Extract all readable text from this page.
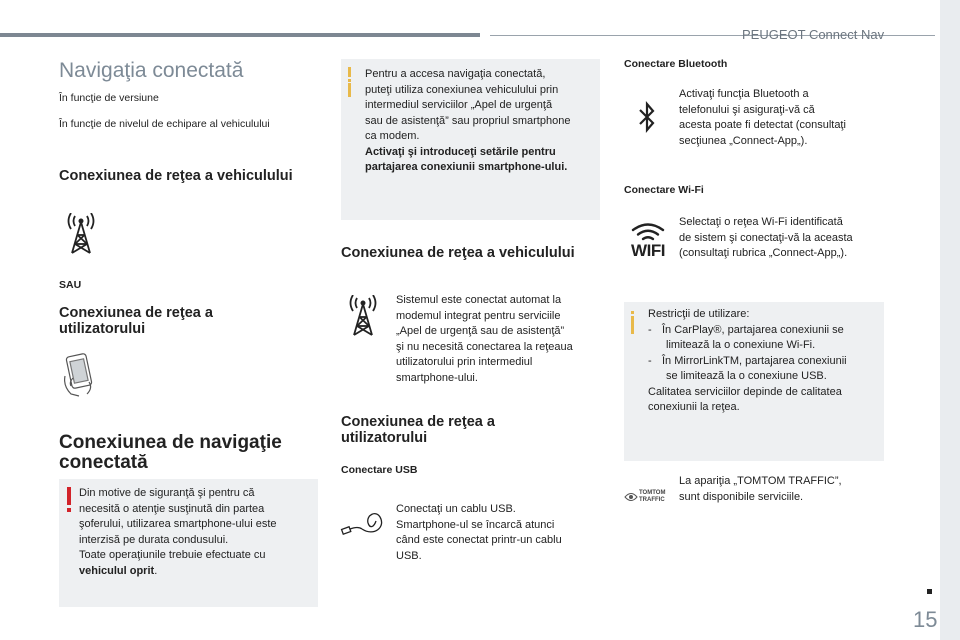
PEUGEOT Connect Nav
Navigaţia conectată
În funcţie de versiune
În funcţie de nivelul de echipare al vehiculului
Conexiunea de reţea a vehiculului
SAU
Conexiunea de reţea a utilizatorului
Conexiunea de navigaţie conectată
Din motive de siguranţă şi pentru că
necesită o atenţie susţinută din partea
şoferului, utilizarea smartphone-ului este
interzisă pe durata condusului.
Toate operaţiunile trebuie efectuate cu
vehiculul oprit.
Pentru a accesa navigaţia conectată,
puteţi utiliza conexiunea vehiculului prin
intermediul serviciilor „Apel de urgenţă
sau de asistenţă” sau propriul smartphone
ca modem.
Activaţi şi introduceţi setările pentru
partajarea conexiunii smartphone-ului.
Conexiunea de reţea a vehiculului
Sistemul este conectat automat la
modemul integrat pentru serviciile
„Apel de urgenţă sau de asistenţă”
şi nu necesită conectarea la reţeaua
utilizatorului prin intermediul
smartphone-ului.
Conexiunea de reţea a utilizatorului
Conectare USB
Conectaţi un cablu USB.
Smartphone-ul se încarcă atunci
când este conectat printr-un cablu
USB.
Conectare Bluetooth
Activaţi funcţia Bluetooth a
telefonului şi asiguraţi-vă că
acesta poate fi detectat (consultaţi
secţiunea „Connect-App„).
Conectare Wi-Fi
WIFI
Selectaţi o reţea Wi-Fi identificată
de sistem şi conectaţi-vă la aceasta
(consultaţi rubrica „Connect-App„).
Restricţii de utilizare:
- În CarPlay®, partajarea conexiunii se
limitează la o conexiune Wi-Fi.
- În MirrorLinkTM, partajarea conexiunii
se limitează la o conexiune USB.
Calitatea serviciilor depinde de calitatea
conexiunii la reţea.
TOMTOM
TRAFFIC
La apariţia „TOMTOM TRAFFIC”,
sunt disponibile serviciile.
15
